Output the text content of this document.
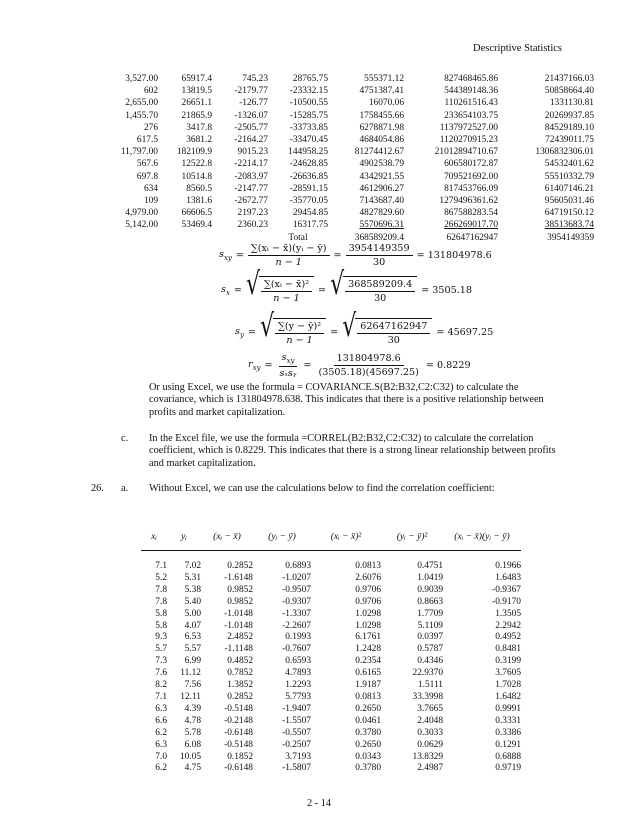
Descriptive Statistics
3,527.00	65917.4	745.23	28765.75	555371.12	827468465.86	21437166.03
602	13819.5	-2179.77	-23332.15	4751387.41	544389148.36	50858664.40
2,655.00	26651.1	-126.77	-10500.55	16070.06	110261516.43	1331130.81
1,455.70	21865.9	-1326.07	-15285.75	1758455.66	233654103.75	20269937.85
276	3417.8	-2505.77	-33733.85	6278871.98	1137972527.00	84529189.10
617.5	3681.2	-2164.27	-33470.45	4684054.86	1120270915.23	72439011.75
11,797.00	182109.9	9015.23	144958.25	81274412.67	21012894710.67	1306832306.01
567.6	12522.8	-2214.17	-24628.85	4902538.79	606580172.87	54532401.62
697.8	10514.8	-2083.97	-26636.85	4342921.55	709521692.00	55510332.79
634	8560.5	-2147.77	-28591.15	4612906.27	817453766.09	61407146.21
109	1381.6	-2672.77	-35770.05	7143687.40	1279496361.62	95605031.46
4,979.00	66606.5	2197.23	29454.85	4827829.60	867588283.54	64719150.12
5,142.00	53469.4	2360.23	16317.75	5570696.31	266269017.70	38513683.74
			Total	368589209.4	62647162947	3954149359
$s_{xy} = \frac{\text{∑(xᵢ − x̄)(yᵢ − ȳ)}}{n - 1} = \frac{3954149359}{30} = 131804978.6$
$s_x$ = √ $\frac{\text{∑(xᵢ − x̄)²}}{n - 1}$ = √ $\frac{368589209.4}{30} = 3505.18$
$s_y$ = √ $\frac{\text{∑(y − ȳ)²}}{n - 1}$ = √ $\frac{62647162947}{30} = 45697.25$
$r_{xy} = \frac{s_{xy}}{\text{sₓsᵧ}} = \frac{131804978.6}{(3505.18)(45697.25)} = 0.8229$
Or using Excel, we use the formula = COVARIANCE.S(B2:B32,C2:C32) to calculate the covariance, which is 131804978.638. This indicates that there is a positive relationship between profits and market capitalization.
c. In the Excel file, we use the formula =CORREL(B2:B32,C2:C32) to calculate the correlation coefficient, which is 0.8229. This indicates that there is a strong linear relationship between profits and market capitalization.
26. a. Without Excel, we can use the calculations below to find the correlation coefficient:
xᵢ	yᵢ	(xᵢ − x̄)	(yᵢ − ȳ)	(xᵢ − x̄)²	(yᵢ − ȳ)²	(xᵢ − x̄)(yᵢ − ȳ)

7.1	7.02	0.2852	0.6893	0.0813	0.4751	0.1966
5.2	5.31	-1.6148	-1.0207	2.6076	1.0419	1.6483
7.8	5.38	0.9852	-0.9507	0.9706	0.9039	-0.9367
7.8	5.40	0.9852	-0.9307	0.9706	0.8663	-0.9170
5.8	5.00	-1.0148	-1.3307	1.0298	1.7709	1.3505
5.8	4.07	-1.0148	-2.2607	1.0298	5.1109	2.2942
9.3	6.53	2.4852	0.1993	6.1761	0.0397	0.4952
5.7	5.57	-1.1148	-0.7607	1.2428	0.5787	0.8481
7.3	6.99	0.4852	0.6593	0.2354	0.4346	0.3199
7.6	11.12	0.7852	4.7893	0.6165	22.9370	3.7605
8.2	7.56	1.3852	1.2293	1.9187	1.5111	1.7028
7.1	12.11	0.2852	5.7793	0.0813	33.3998	1.6482
6.3	4.39	-0.5148	-1.9407	0.2650	3.7665	0.9991
6.6	4.78	-0.2148	-1.5507	0.0461	2.4048	0.3331
6.2	5.78	-0.6148	-0.5507	0.3780	0.3033	0.3386
6.3	6.08	-0.5148	-0.2507	0.2650	0.0629	0.1291
7.0	10.05	0.1852	3.7193	0.0343	13.8329	0.6888
6.2	4.75	-0.6148	-1.5807	0.3780	2.4987	0.9719
2 - 14
